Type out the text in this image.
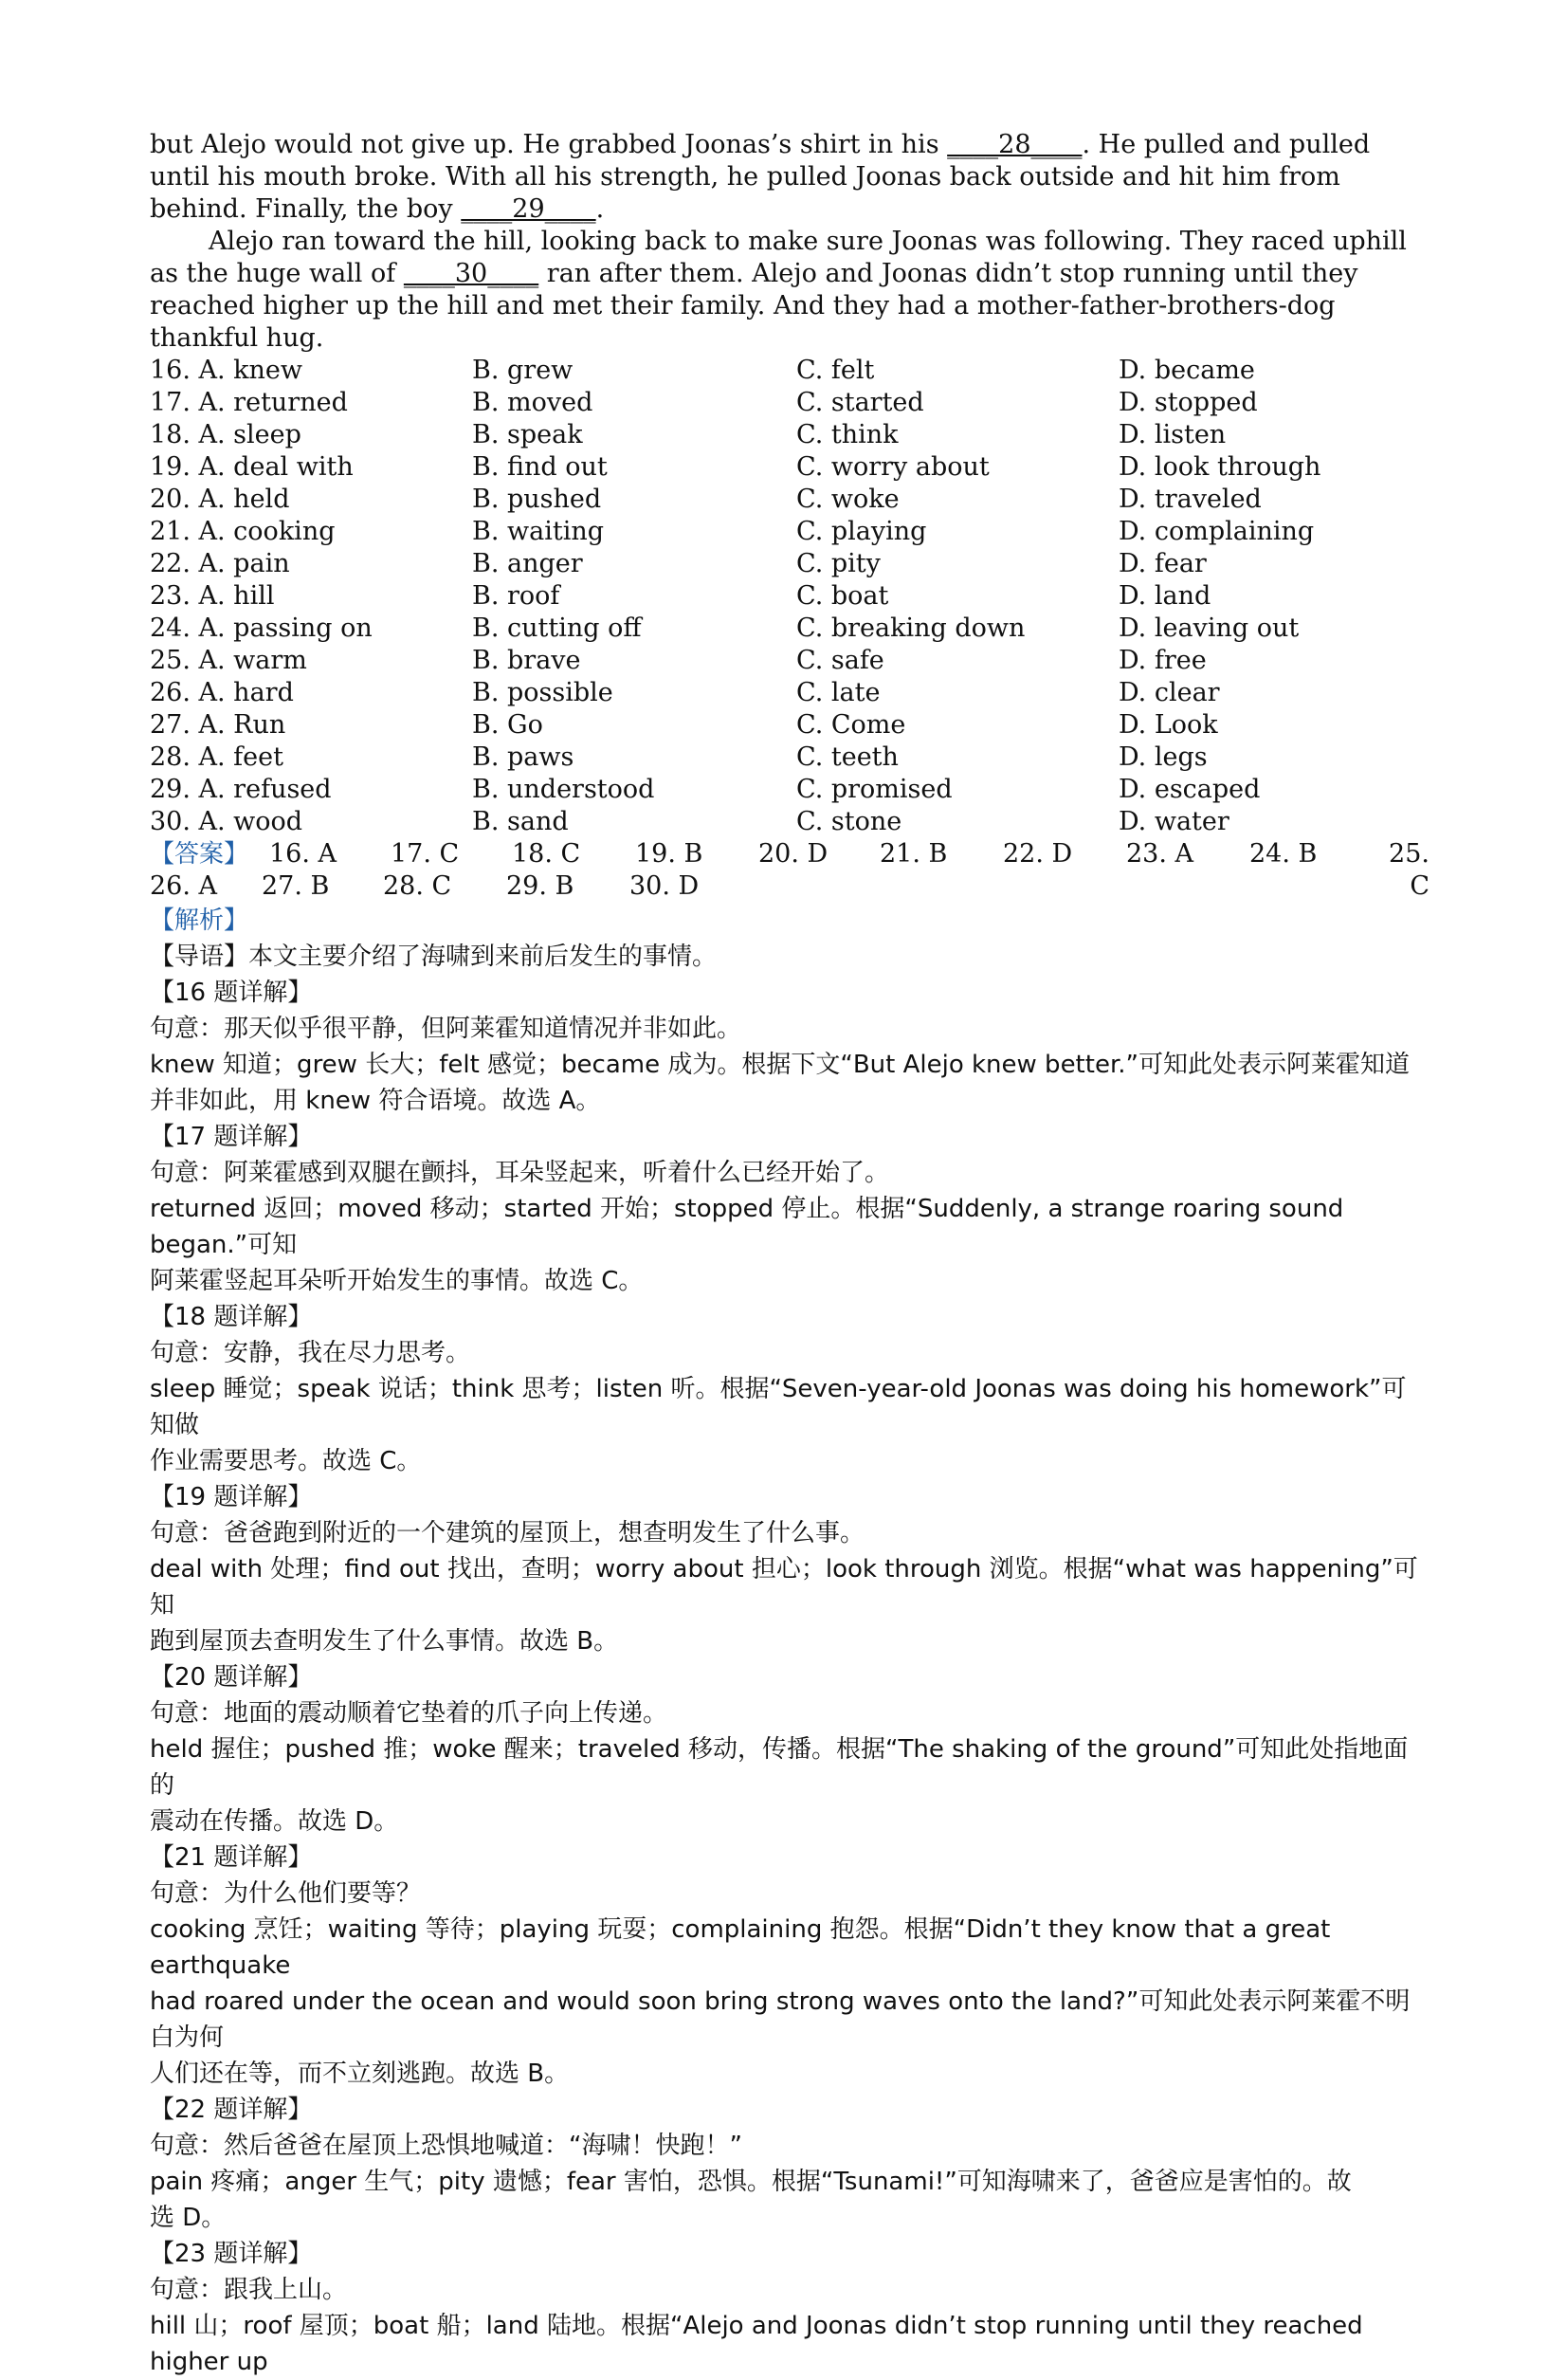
but Alejo would not give up. He grabbed Joonas’s shirt in his ____28____. He pulled and pulled until his mouth broke. With all his strength, he pulled Joonas back outside and hit him from behind. Finally, the boy ____29____.

Alejo ran toward the hill, looking back to make sure Joonas was following. They raced uphill as the huge wall of ____30____ ran after them. Alejo and Joonas didn’t stop running until they reached higher up the hill and met their family. And they had a mother-father-brothers-dog thankful hug.

16. A. knew	B. grew	C. felt	D. became
17. A. returned	B. moved	C. started	D. stopped
18. A. sleep	B. speak	C. think	D. listen
19. A. deal with	B. find out	C. worry about	D. look through
20. A. held	B. pushed	C. woke	D. traveled
21. A. cooking	B. waiting	C. playing	D. complaining
22. A. pain	B. anger	C. pity	D. fear
23. A. hill	B. roof	C. boat	D. land
24. A. passing on	B. cutting off	C. breaking down	D. leaving out
25. A. warm	B. brave	C. safe	D. free
26. A. hard	B. possible	C. late	D. clear
27. A. Run	B. Go	C. Come	D. Look
28. A. feet	B. paws	C. teeth	D. legs
29. A. refused	B. understood	C. promised	D. escaped
30. A. wood	B. sand	C. stone	D. water
【答案】 16. A	17. C	18. C	19. B	20. D	21. B	22. D	23. A	24. B	25. C
26. A	27. B	28. C	29. B	30. D

【解析】

【导语】本文主要介绍了海啸到来前后发生的事情。

【16 题详解】

句意：那天似乎很平静，但阿莱霍知道情况并非如此。

knew 知道；grew 长大；felt 感觉；became 成为。根据下文“But Alejo knew better.”可知此处表示阿莱霍知道

并非如此，用 knew 符合语境。故选 A。

【17 题详解】

句意：阿莱霍感到双腿在颤抖，耳朵竖起来，听着什么已经开始了。

returned 返回；moved 移动；started 开始；stopped 停止。根据“Suddenly, a strange roaring sound began.”可知

阿莱霍竖起耳朵听开始发生的事情。故选 C。

【18 题详解】

句意：安静，我在尽力思考。

sleep 睡觉；speak 说话；think 思考；listen 听。根据“Seven-year-old Joonas was doing his homework”可知做

作业需要思考。故选 C。

【19 题详解】

句意：爸爸跑到附近的一个建筑的屋顶上，想查明发生了什么事。

deal with 处理；find out 找出，查明；worry about 担心；look through 浏览。根据“what was happening”可知

跑到屋顶去查明发生了什么事情。故选 B。

【20 题详解】

句意：地面的震动顺着它垫着的爪子向上传递。

held 握住；pushed 推；woke 醒来；traveled 移动，传播。根据“The shaking of the ground”可知此处指地面的

震动在传播。故选 D。

【21 题详解】

句意：为什么他们要等？

cooking 烹饪；waiting 等待；playing 玩耍；complaining 抱怨。根据“Didn’t they know that a great earthquake

had roared under the ocean and would soon bring strong waves onto the land?”可知此处表示阿莱霍不明白为何

人们还在等，而不立刻逃跑。故选 B。

【22 题详解】

句意：然后爸爸在屋顶上恐惧地喊道：“海啸！快跑！”

pain 疼痛；anger 生气；pity 遗憾；fear 害怕，恐惧。根据“Tsunami!”可知海啸来了，爸爸应是害怕的。故

选 D。

【23 题详解】

句意：跟我上山。

hill 山；roof 屋顶；boat 船；land 陆地。根据“Alejo and Joonas didn’t stop running until they reached higher up
